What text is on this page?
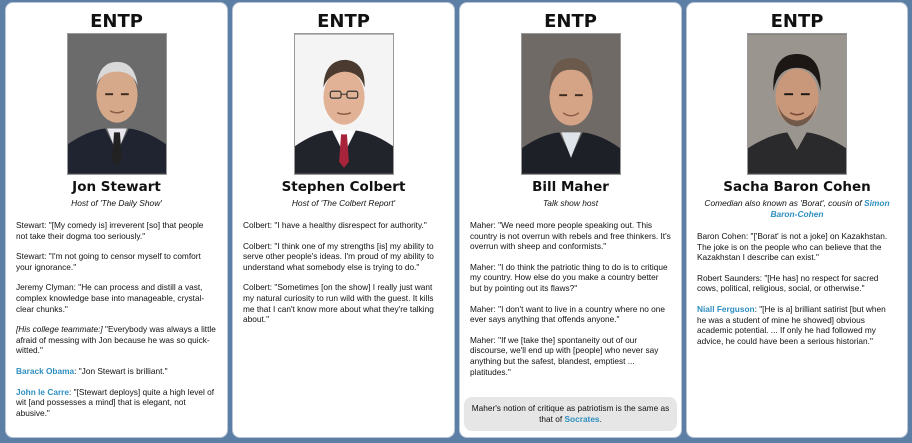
ENTP
Jon Stewart
Host of 'The Daily Show'

Stewart: "[My comedy is] irreverent [so] that people not take their dogma too seriously."

Stewart: "I'm not going to censor myself to comfort your ignorance."

Jeremy Clyman: "He can process and distill a vast, complex knowledge base into manageable, crystal-clear chunks."

[His college teammate:] "Everybody was always a little afraid of messing with Jon because he was so quick-witted."

Barack Obama: "Jon Stewart is brilliant."

John le Carre: "[Stewart deploys] quite a high level of wit [and possesses a mind] that is elegant, not abusive."

ENTP
Stephen Colbert
Host of 'The Colbert Report'

Colbert: "I have a healthy disrespect for authority."

Colbert: "I think one of my strengths [is] my ability to serve other people's ideas. I'm proud of my ability to understand what somebody else is trying to do."

Colbert: "Sometimes [on the show] I really just want my natural curiosity to run wild with the guest. It kills me that I can't know more about what they're talking about."

ENTP
Bill Maher
Talk show host

Maher: "We need more people speaking out. This country is not overrun with rebels and free thinkers. It's overrun with sheep and conformists."

Maher: "I do think the patriotic thing to do is to critique my country. How else do you make a country better but by pointing out its flaws?"

Maher: "I don't want to live in a country where no one ever says anything that offends anyone."

Maher: "If we [take the] spontaneity out of our discourse, we'll end up with [people] who never say anything but the safest, blandest, emptiest ... platitudes."

Maher's notion of critique as patriotism is the same as that of Socrates.
ENTP
Sacha Baron Cohen
Comedian also known as 'Borat', cousin of Simon Baron-Cohen

Baron Cohen: "['Borat' is not a joke] on Kazakhstan. The joke is on the people who can believe that the Kazakhstan I describe can exist."

Robert Saunders: "[He has] no respect for sacred cows, political, religious, social, or otherwise."

Niall Ferguson: "[He is a] brilliant satirist [but when he was a student of mine he showed] obvious academic potential. ... If only he had followed my advice, he could have been a serious historian."
